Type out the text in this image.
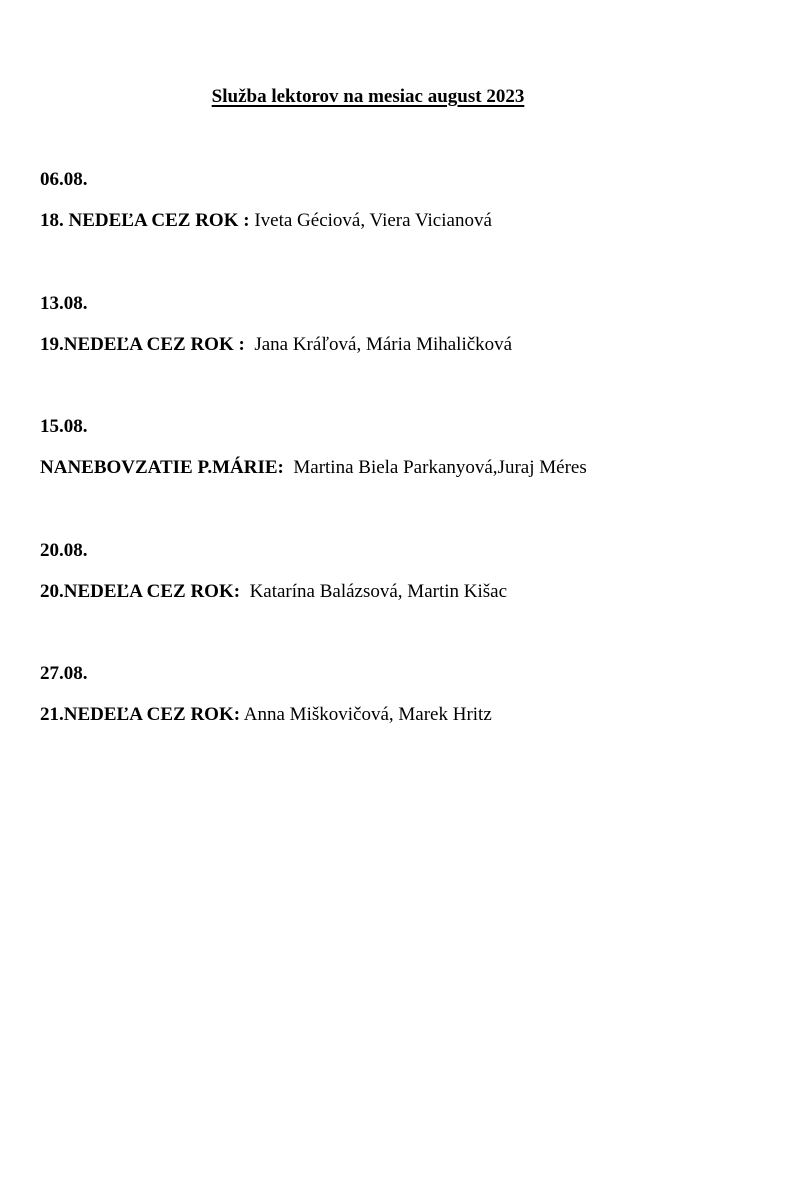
Služba lektorov na mesiac august 2023
06.08.
18. NEDEĽA CEZ ROK : Iveta Géciová, Viera Vicianová
13.08.
19.NEDEĽA CEZ ROK :  Jana Kráľová, Mária Mihaličková
15.08.
NANEBOVZATIE P.MÁRIE:  Martina Biela Parkanyová,Juraj Méres
20.08.
20.NEDEĽA CEZ ROK:  Katarína Balázsová, Martin Kišac
27.08.
21.NEDEĽA CEZ ROK: Anna Miškovičová, Marek Hritz
